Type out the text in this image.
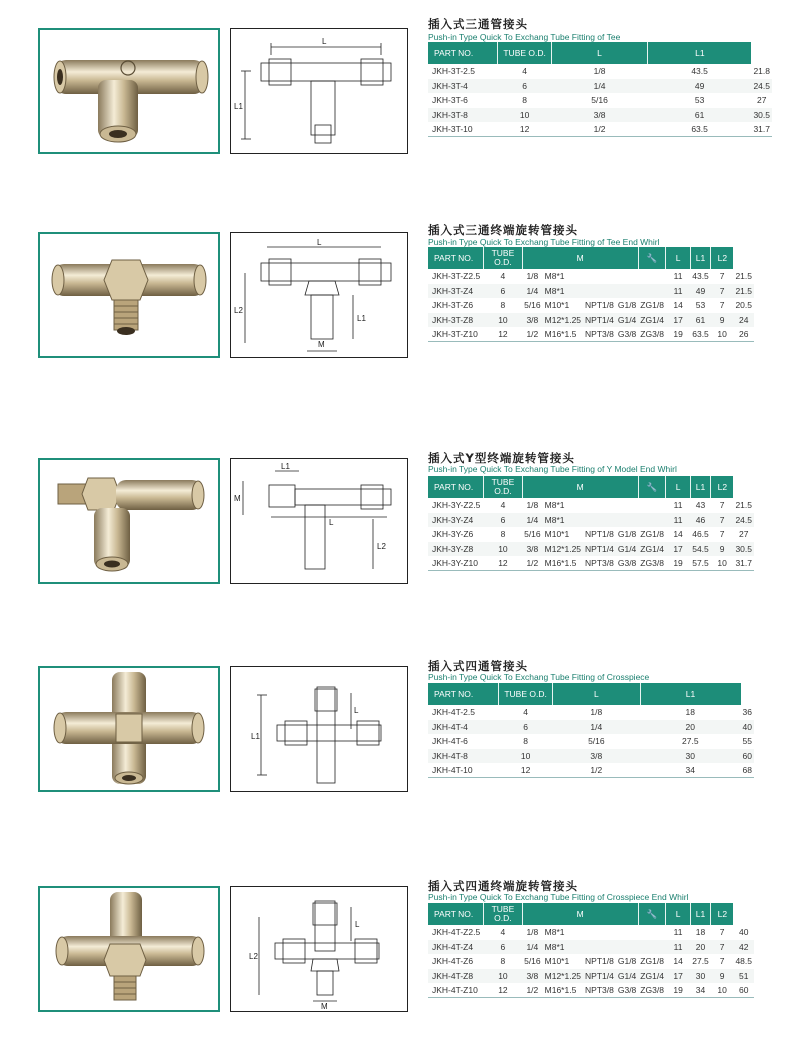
L
L1
插入式三通管接头
Push-in Type Quick To Exchang Tube Fitting of Tee
PART NO.	TUBE O.D.	L	L1	
JKH-3T-2.5	4	1/8	43.5	21.8
JKH-3T-4	6	1/4	49	24.5
JKH-3T-6	8	5/16	53	27
JKH-3T-8	10	3/8	61	30.5
JKH-3T-10	12	1/2	63.5	31.7
L
L2
L1
M
插入式三通终端旋转管接头
Push-in Type Quick To Exchang Tube Fitting of Tee End Whirl
PART NO.	TUBE O.D.	M				🔧	L	L1	L2	
JKH-3T-Z2.5	4	1/8	M8*1				11	43.5	7	21.5
JKH-3T-Z4	6	1/4	M8*1				11	49	7	21.5
JKH-3T-Z6	8	5/16	M10*1	NPT1/8	G1/8	ZG1/8	14	53	7	20.5
JKH-3T-Z8	10	3/8	M12*1.25	NPT1/4	G1/4	ZG1/4	17	61	9	24
JKH-3T-Z10	12	1/2	M16*1.5	NPT3/8	G3/8	ZG3/8	19	63.5	10	26
L1
M
L
L2
插入式Y型终端旋转管接头
Push-in Type Quick To Exchang Tube Fitting of Y Model End Whirl
PART NO.	TUBE O.D.	M				🔧	L	L1	L2	
JKH-3Y-Z2.5	4	1/8	M8*1				11	43	7	21.5
JKH-3Y-Z4	6	1/4	M8*1				11	46	7	24.5
JKH-3Y-Z6	8	5/16	M10*1	NPT1/8	G1/8	ZG1/8	14	46.5	7	27
JKH-3Y-Z8	10	3/8	M12*1.25	NPT1/4	G1/4	ZG1/4	17	54.5	9	30.5
JKH-3Y-Z10	12	1/2	M16*1.5	NPT3/8	G3/8	ZG3/8	19	57.5	10	31.7
L1
L
插入式四通管接头
Push-in Type Quick To Exchang Tube Fitting of Crosspiece
PART NO.	TUBE O.D.	L	L1	
JKH-4T-2.5	4	1/8	18	36
JKH-4T-4	6	1/4	20	40
JKH-4T-6	8	5/16	27.5	55
JKH-4T-8	10	3/8	30	60
JKH-4T-10	12	1/2	34	68
L
L2
M
插入式四通终端旋转管接头
Push-in Type Quick To Exchang Tube Fitting of Crosspiece End Whirl
PART NO.	TUBE O.D.	M				🔧	L	L1	L2	
JKH-4T-Z2.5	4	1/8	M8*1				11	18	7	40
JKH-4T-Z4	6	1/4	M8*1				11	20	7	42
JKH-4T-Z6	8	5/16	M10*1	NPT1/8	G1/8	ZG1/8	14	27.5	7	48.5
JKH-4T-Z8	10	3/8	M12*1.25	NPT1/4	G1/4	ZG1/4	17	30	9	51
JKH-4T-Z10	12	1/2	M16*1.5	NPT3/8	G3/8	ZG3/8	19	34	10	60
